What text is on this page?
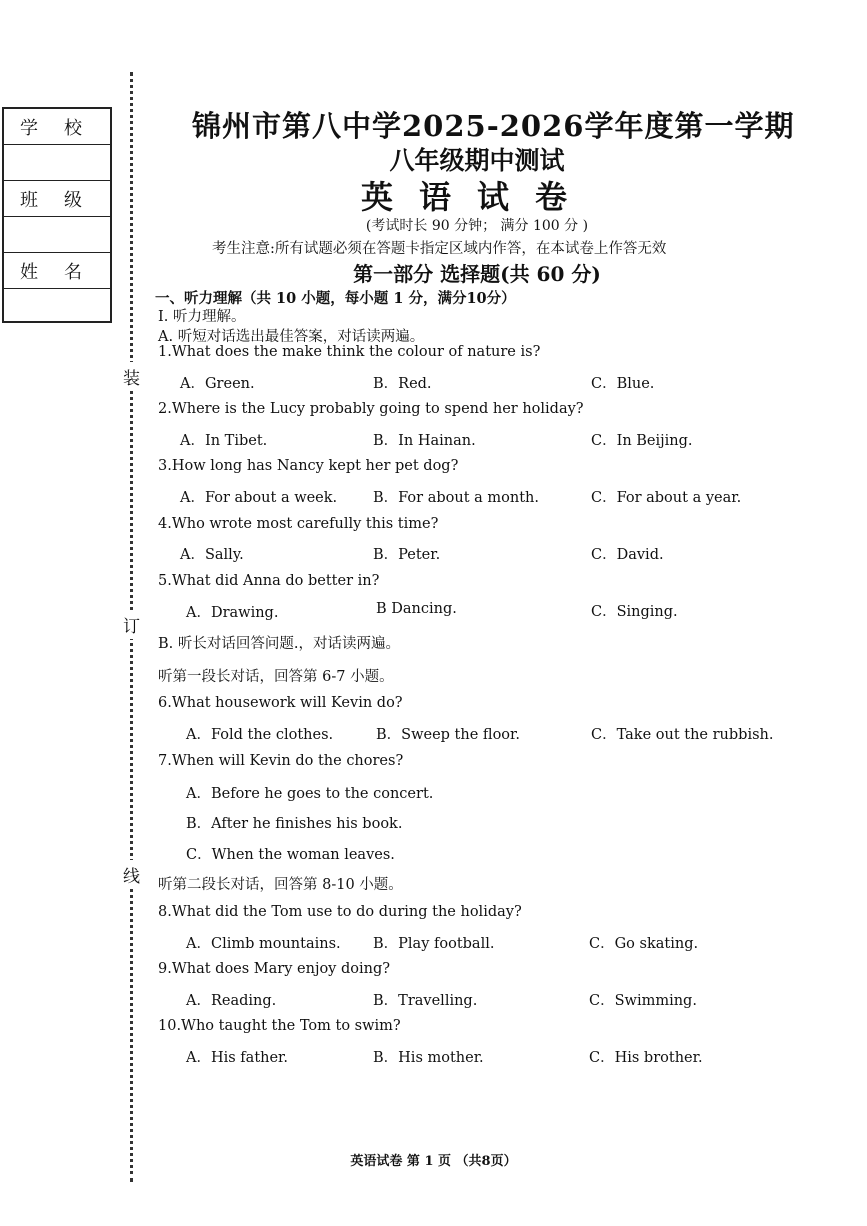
学校
班级
姓名
装
订
线
锦州市第八中学2025-2026学年度第一学期
八年级期中测试
英语试卷
(考试时长 90 分钟； 满分 100 分 )
考生注意:所有试题必须在答题卡指定区域内作答，在本试卷上作答无效
第一部分 选择题(共 60 分)
一、听力理解（共 10 小题，每小题 1 分，满分10分）
I. 听力理解。
A. 听短对话选出最佳答案，对话读两遍。
1.What does the make think the colour of nature is?
A．Green.	B．Red.	C．Blue.
2.Where is the Lucy probably going to spend her holiday?
A．In Tibet.	B．In Hainan.	C．In Beijing.
3.How long has Nancy kept her pet dog?
A．For about a week. B．For about a month.	C．For about a year.
4.Who wrote most carefully this time?
A．Sally.	B．Peter.	C．David.
5.What did Anna do better in?
A．Drawing.	B Dancing.	C．Singing.
B. 听长对话回答问题.，对话读两遍。
听第一段长对话，回答第 6-7 小题。
6.What housework will Kevin do?
A．Fold the clothes.	B．Sweep the floor.	C．Take out the rubbish.
7.When will Kevin do the chores?
A．Before he goes to the concert.
B．After he finishes his book.
C．When the woman leaves.
听第二段长对话，回答第 8-10 小题。
8.What did the Tom use to do during the holiday?
A．Climb mountains. B．Play football.	C．Go skating.
9.What does Mary enjoy doing?
A．Reading.	B．Travelling.	C．Swimming.
10.Who taught the Tom to swim?
A．His father.	B．His mother.	C．His brother.
英语试卷 第 1 页 （共8页）
